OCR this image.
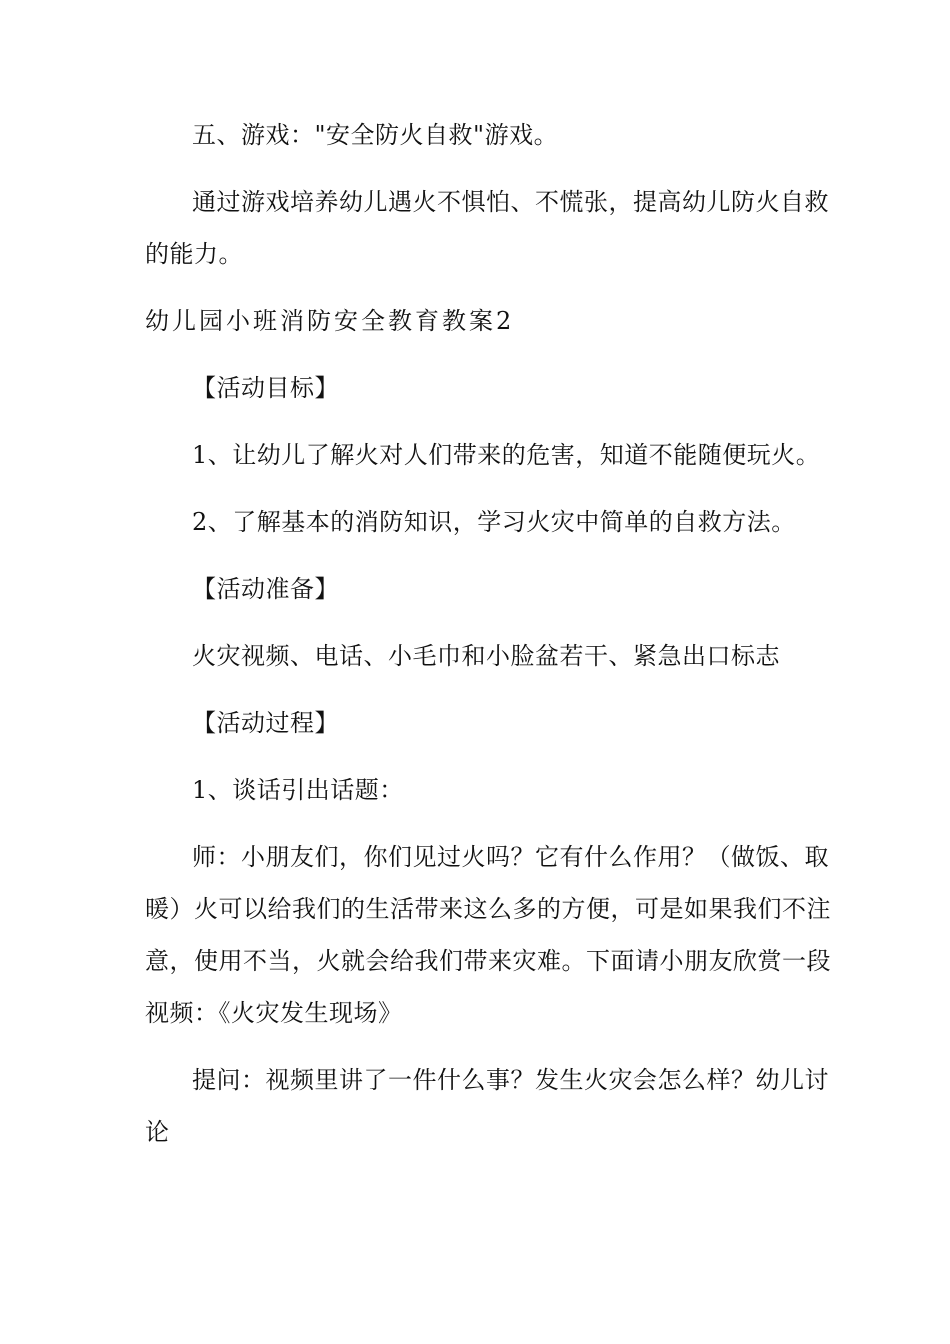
五、游戏："安全防火自救"游戏。
通过游戏培养幼儿遇火不惧怕、不慌张，提高幼儿防火自救
的能力。
幼儿园小班消防安全教育教案2
【活动目标】
1、让幼儿了解火对人们带来的危害，知道不能随便玩火。
2、了解基本的消防知识，学习火灾中简单的自救方法。
【活动准备】
火灾视频、电话、小毛巾和小脸盆若干、紧急出口标志
【活动过程】
1、谈话引出话题：
师：小朋友们，你们见过火吗？它有什么作用？（做饭、取
暖）火可以给我们的生活带来这么多的方便，可是如果我们不注
意，使用不当，火就会给我们带来灾难。下面请小朋友欣赏一段
视频：《火灾发生现场》
提问：视频里讲了一件什么事？发生火灾会怎么样？幼儿讨
论
